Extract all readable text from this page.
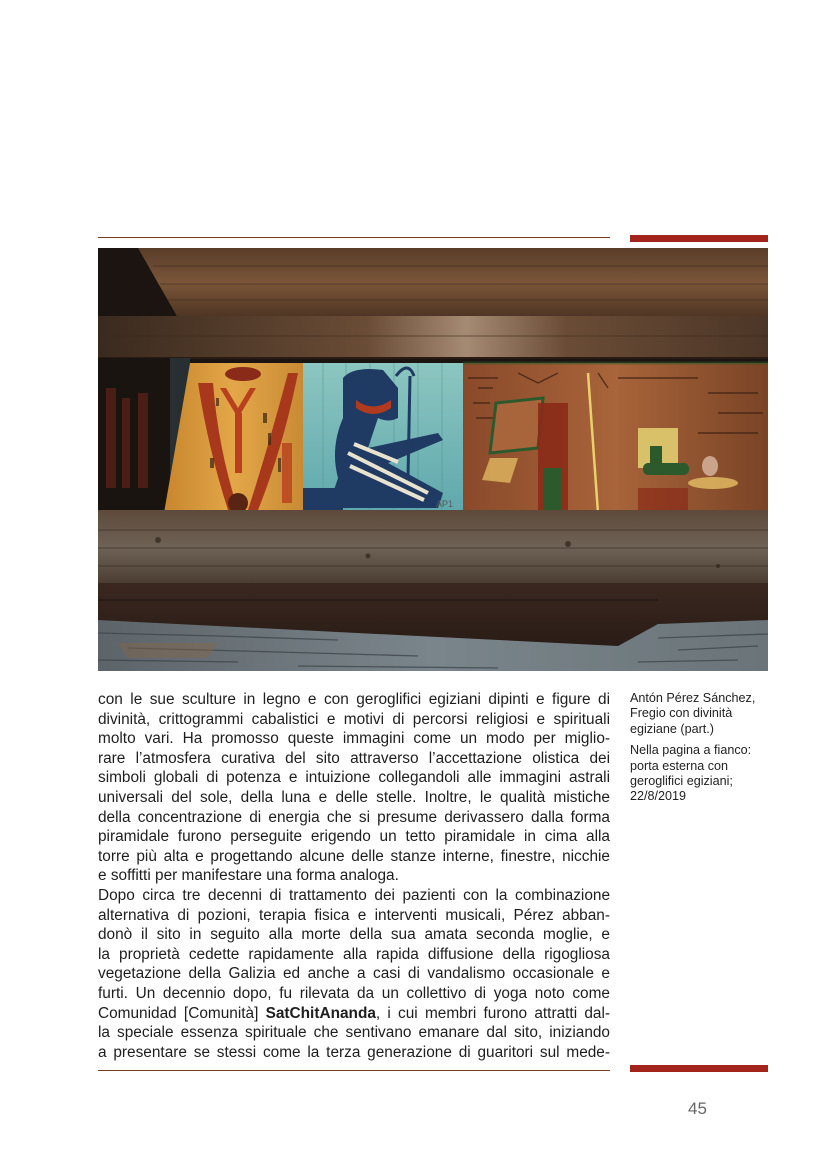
AP1
con le sue sculture in legno e con geroglifici egiziani dipinti e figure di
divinità, crittogrammi cabalistici e motivi di percorsi religiosi e spirituali
molto vari. Ha promosso queste immagini come un modo per miglio-
rare l’atmosfera curativa del sito attraverso l’accettazione olistica dei
simboli globali di potenza e intuizione collegandoli alle immagini astrali
universali del sole, della luna e delle stelle. Inoltre, le qualità mistiche
della concentrazione di energia che si presume derivassero dalla forma
piramidale furono perseguite erigendo un tetto piramidale in cima alla
torre più alta e progettando alcune delle stanze interne, finestre, nicchie
e soffitti per manifestare una forma analoga.
Dopo circa tre decenni di trattamento dei pazienti con la combinazione
alternativa di pozioni, terapia fisica e interventi musicali, Pérez abban-
donò il sito in seguito alla morte della sua amata seconda moglie, e
la proprietà cedette rapidamente alla rapida diffusione della rigogliosa
vegetazione della Galizia ed anche a casi di vandalismo occasionale e
furti. Un decennio dopo, fu rilevata da un collettivo di yoga noto come
Comunidad [Comunità] SatChitAnanda, i cui membri furono attratti dal-
la speciale essenza spirituale che sentivano emanare dal sito, iniziando
a presentare se stessi come la terza generazione di guaritori sul mede-

Antón Pérez Sánchez, Fregio con divinità egiziane (part.)

Nella pagina a fianco: porta esterna con geroglifici egiziani; 22/8/2019

45
